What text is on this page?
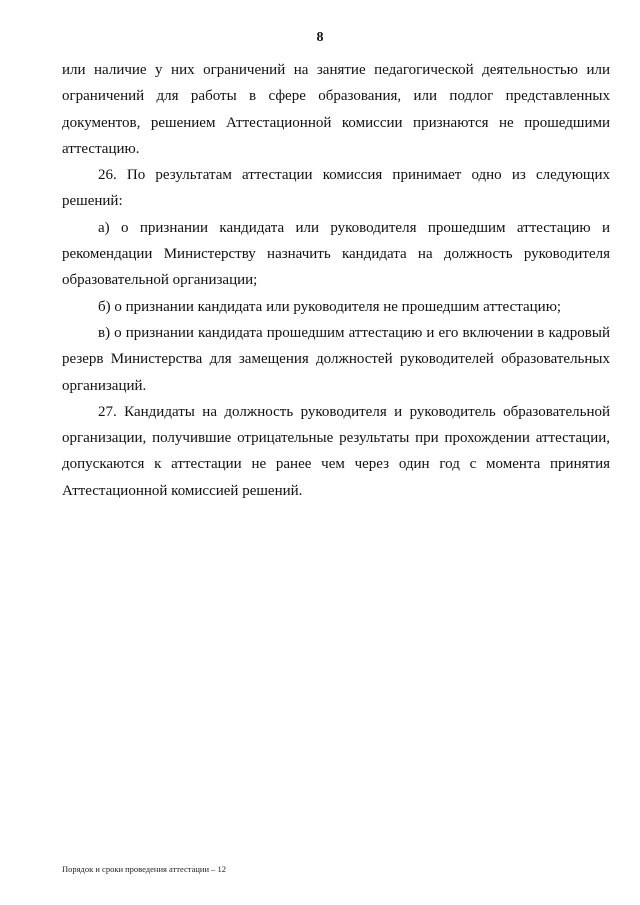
8

или наличие у них ограничений на занятие педагогической деятельностью или ограничений для работы в сфере образования, или подлог представленных документов, решением Аттестационной комиссии признаются не прошедшими аттестацию.

26. По результатам аттестации комиссия принимает одно из следующих решений:

а) о признании кандидата или руководителя прошедшим аттестацию и рекомендации Министерству назначить кандидата на должность руководителя образовательной организации;

б) о признании кандидата или руководителя не прошедшим аттестацию;

в) о признании кандидата прошедшим аттестацию и его включении в кадровый резерв Министерства для замещения должностей руководителей образовательных организаций.

27. Кандидаты на должность руководителя и руководитель образовательной организации, получившие отрицательные результаты при прохождении аттестации, допускаются к аттестации не ранее чем через один год с момента принятия Аттестационной комиссией решений.

Порядок и сроки проведения аттестации – 12
